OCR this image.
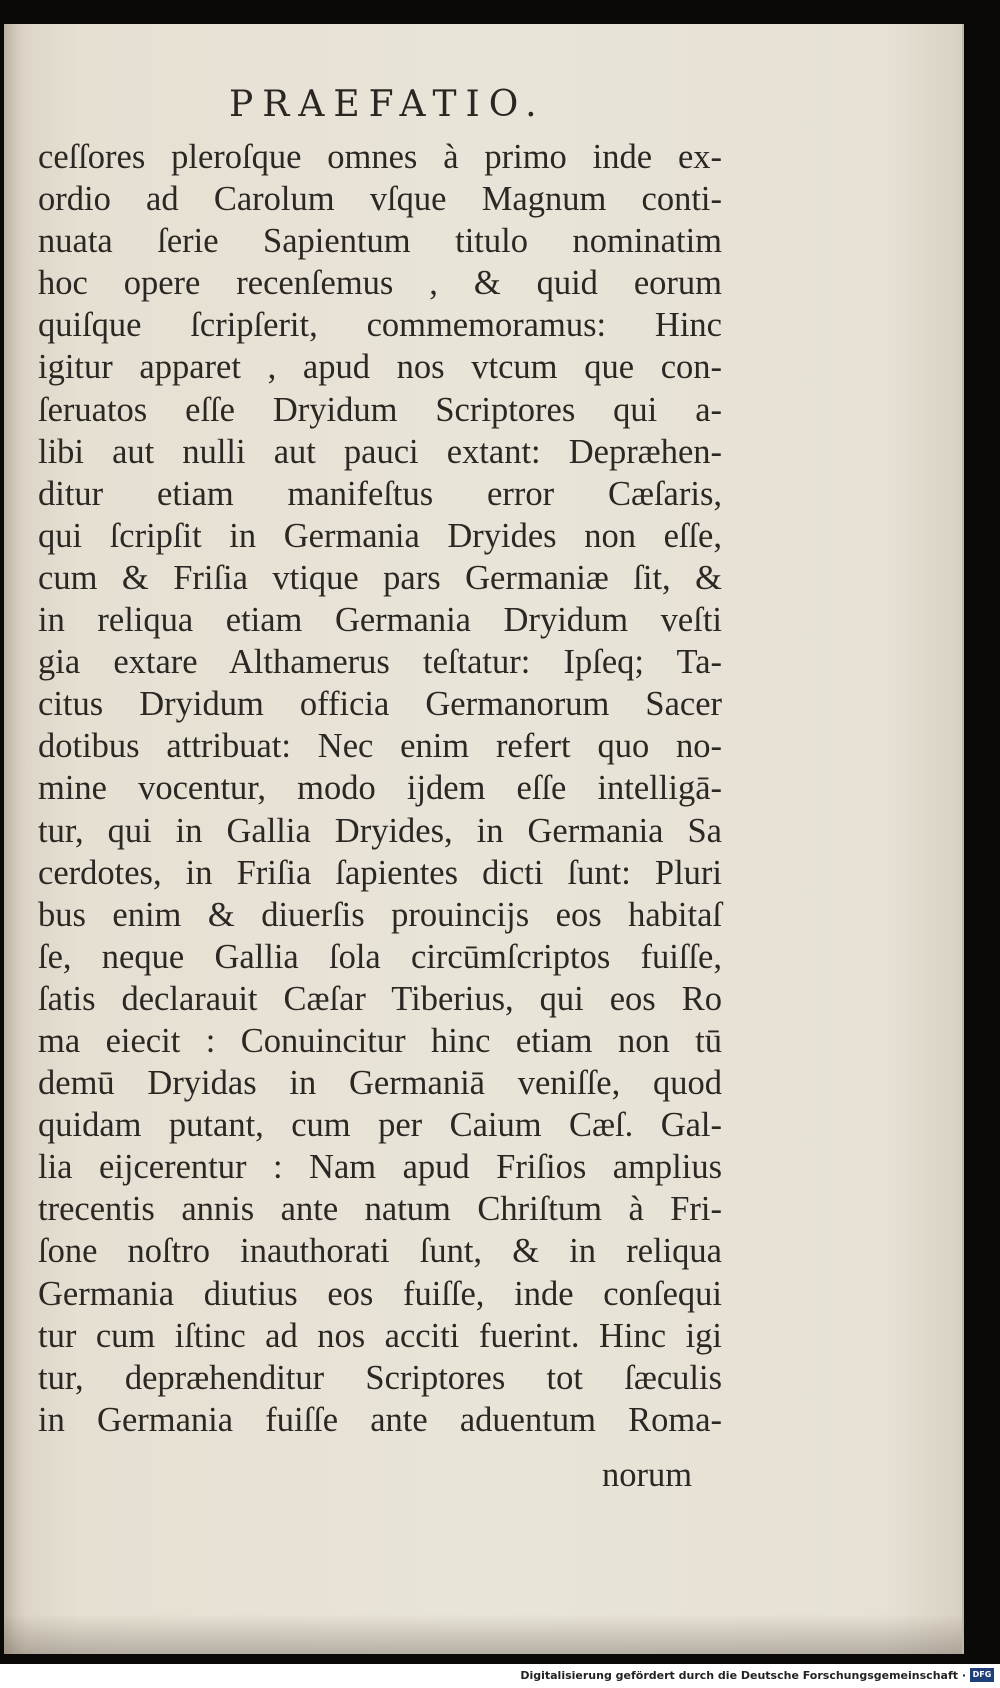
PRAEFATIO.
ceſſores pleroſque omnes à primo inde ex-
ordio ad Carolum vſque Magnum conti-
nuata ſerie Sapientum titulo nominatim
hoc opere recenſemus , & quid eorum
quiſque ſcripſerit, commemoramus: Hinc
igitur apparet , apud nos vtcum que con-
ſeruatos eſſe Dryidum Scriptores qui a-
libi aut nulli aut pauci extant: Depræhen-
ditur etiam manifeſtus error Cæſaris,
qui ſcripſit in Germania Dryides non eſſe,
cum & Friſia vtique pars Germaniæ ſit, &
in reliqua etiam Germania Dryidum veſti
gia extare Althamerus teſtatur: Ipſeq; Ta-
citus Dryidum officia Germanorum Sacer
dotibus attribuat: Nec enim refert quo no-
mine vocentur, modo ijdem eſſe intelligā-
tur, qui in Gallia Dryides, in Germania Sa
cerdotes, in Friſia ſapientes dicti ſunt: Pluri
bus enim & diuerſis prouincijs eos habitaſ
ſe, neque Gallia ſola circūmſcriptos fuiſſe,
ſatis declarauit Cæſar Tiberius, qui eos Ro
ma eiecit : Conuincitur hinc etiam non tū
demū Dryidas in Germaniā veniſſe, quod
quidam putant, cum per Caium Cæſ. Gal-
lia eijcerentur : Nam apud Friſios amplius
trecentis annis ante natum Chriſtum à Fri-
ſone noſtro inauthorati ſunt, & in reliqua
Germania diutius eos fuiſſe, inde conſequi
tur cum iſtinc ad nos acciti fuerint. Hinc igi
tur, depræhenditur Scriptores tot ſæculis
in Germania fuiſſe ante aduentum Roma-
norum
Digitalisierung gefördert durch die Deutsche Forschungsgemeinschaft · DFG
